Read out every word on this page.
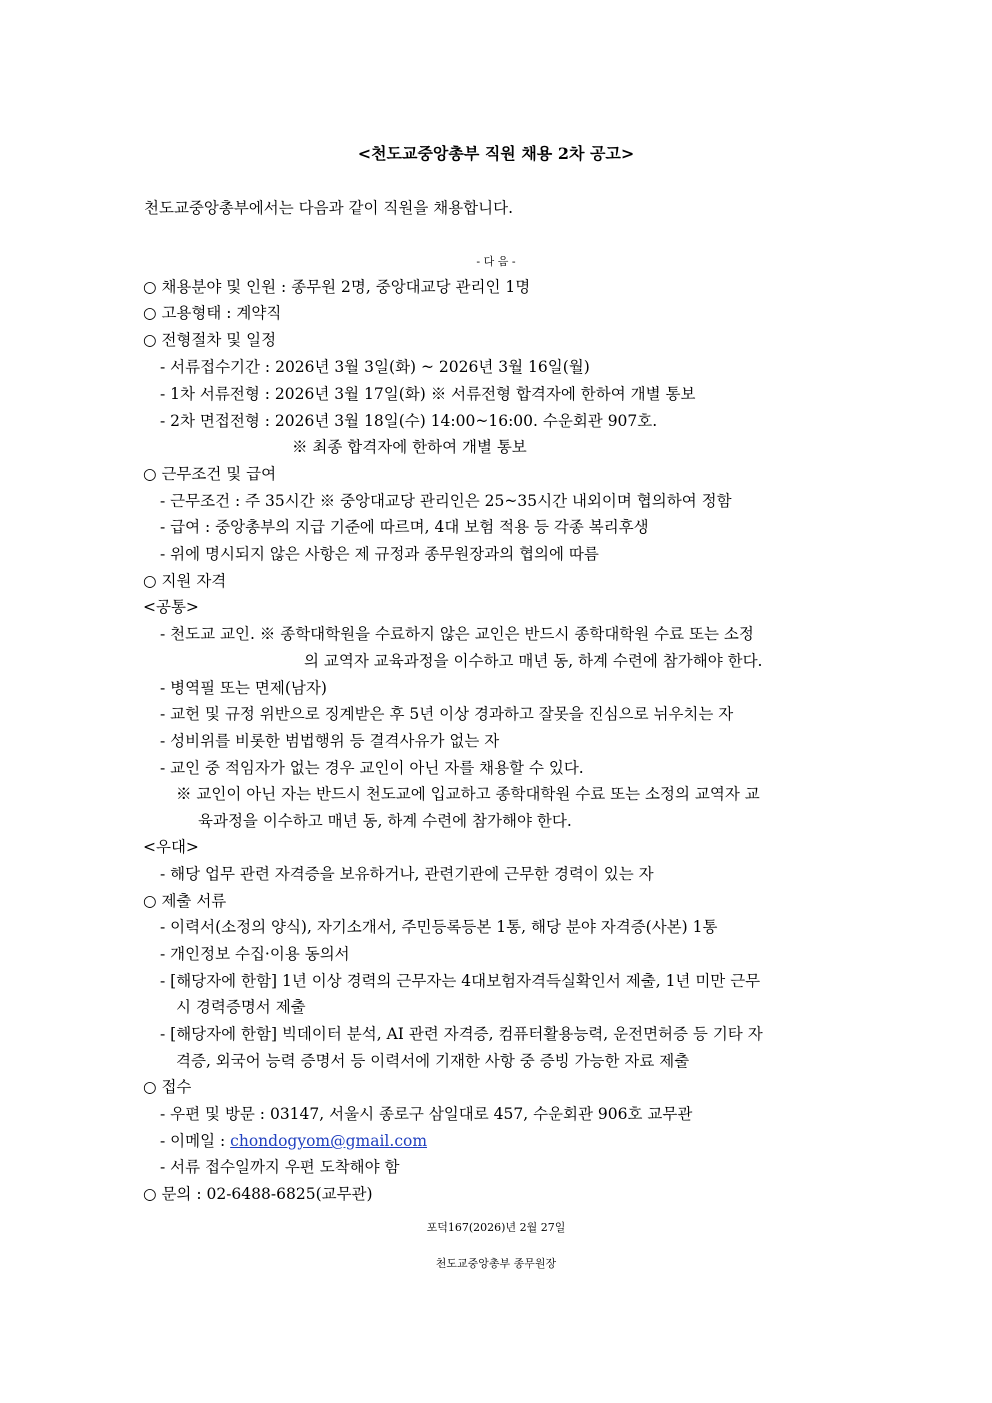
<천도교중앙총부 직원 채용 2차 공고>
천도교중앙총부에서는 다음과 같이 직원을 채용합니다.
- 다 음 -
○ 채용분야 및 인원 : 종무원 2명, 중앙대교당 관리인 1명
○ 고용형태 : 계약직
○ 전형절차 및 일정
- 서류접수기간 : 2026년 3월 3일(화) ~ 2026년 3월 16일(월)
- 1차 서류전형 : 2026년 3월 17일(화) ※ 서류전형 합격자에 한하여 개별 통보
- 2차 면접전형 : 2026년 3월 18일(수) 14:00~16:00. 수운회관 907호.
※ 최종 합격자에 한하여 개별 통보
○ 근무조건 및 급여
- 근무조건 : 주 35시간 ※ 중앙대교당 관리인은 25~35시간 내외이며 협의하여 정함
- 급여 : 중앙총부의 지급 기준에 따르며, 4대 보험 적용 등 각종 복리후생
- 위에 명시되지 않은 사항은 제 규정과 종무원장과의 협의에 따름
○ 지원 자격
<공통>
- 천도교 교인. ※ 종학대학원을 수료하지 않은 교인은 반드시 종학대학원 수료 또는 소정
의 교역자 교육과정을 이수하고 매년 동, 하계 수련에 참가해야 한다.
- 병역필 또는 면제(남자)
- 교헌 및 규정 위반으로 징계받은 후 5년 이상 경과하고 잘못을 진심으로 뉘우치는 자
- 성비위를 비롯한 범법행위 등 결격사유가 없는 자
- 교인 중 적임자가 없는 경우 교인이 아닌 자를 채용할 수 있다.
※ 교인이 아닌 자는 반드시 천도교에 입교하고 종학대학원 수료 또는 소정의 교역자 교
육과정을 이수하고 매년 동, 하계 수련에 참가해야 한다.
<우대>
- 해당 업무 관련 자격증을 보유하거나, 관련기관에 근무한 경력이 있는 자
○ 제출 서류
- 이력서(소정의 양식), 자기소개서, 주민등록등본 1통, 해당 분야 자격증(사본) 1통
- 개인정보 수집·이용 동의서
- [해당자에 한함] 1년 이상 경력의 근무자는 4대보험자격득실확인서 제출, 1년 미만 근무
시 경력증명서 제출
- [해당자에 한함] 빅데이터 분석, AI 관련 자격증, 컴퓨터활용능력, 운전면허증 등 기타 자
격증, 외국어 능력 증명서 등 이력서에 기재한 사항 중 증빙 가능한 자료 제출
○ 접수
- 우편 및 방문 : 03147, 서울시 종로구 삼일대로 457, 수운회관 906호 교무관
- 이메일 : chondogyom@gmail.com
- 서류 접수일까지 우편 도착해야 함
○ 문의 : 02-6488-6825(교무관)
포덕167(2026)년 2월 27일
천도교중앙총부 종무원장
